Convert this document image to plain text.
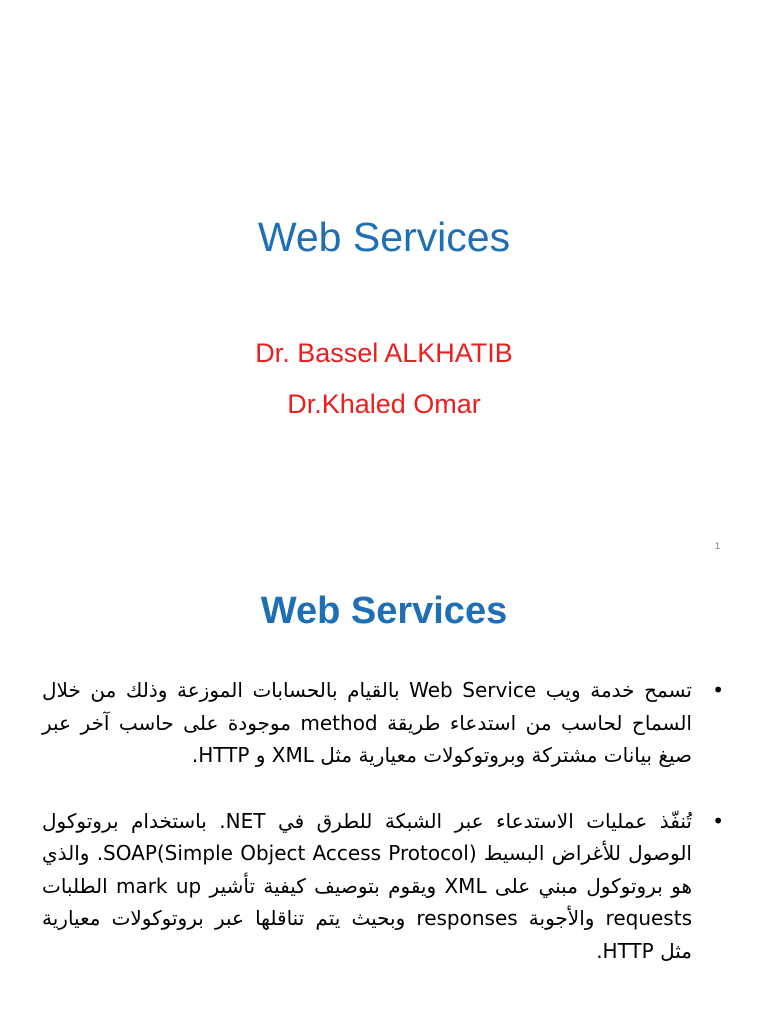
Web Services
Dr. Bassel ALKHATIB
Dr.Khaled Omar
1
Web Services
•
تسمح خدمة ويب Web Service بالقيام بالحسابات الموزعة وذلك من خلال السماح لحاسب من استدعاء طريقة method موجودة على حاسب آخر عبر صيغ بيانات مشتركة وبروتوكولات معيارية مثل XML و HTTP.
•
تُنفّذ عمليات الاستدعاء عبر الشبكة للطرق في NET. باستخدام بروتوكول الوصول للأغراض البسيط SOAP(Simple Object Access Protocol). والذي هو بروتوكول مبني على XML ويقوم بتوصيف كيفية تأشير mark up الطلبات requests والأجوبة responses وبحيث يتم تناقلها عبر بروتوكولات معيارية مثل HTTP.
